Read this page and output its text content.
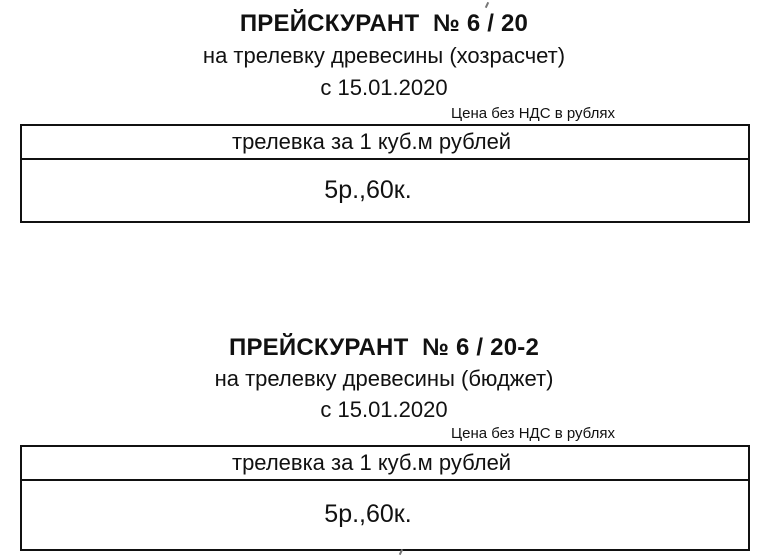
ПРЕЙСКУРАНТ  № 6 / 20
на трелевку древесины (хозрасчет)
с 15.01.2020
Цена без НДС в рублях
трелевка за 1 куб.м рублей
5р.,60к.
ПРЕЙСКУРАНТ  № 6 / 20-2
на трелевку древесины (бюджет)
с 15.01.2020
Цена без НДС в рублях
трелевка за 1 куб.м рублей
5р.,60к.
